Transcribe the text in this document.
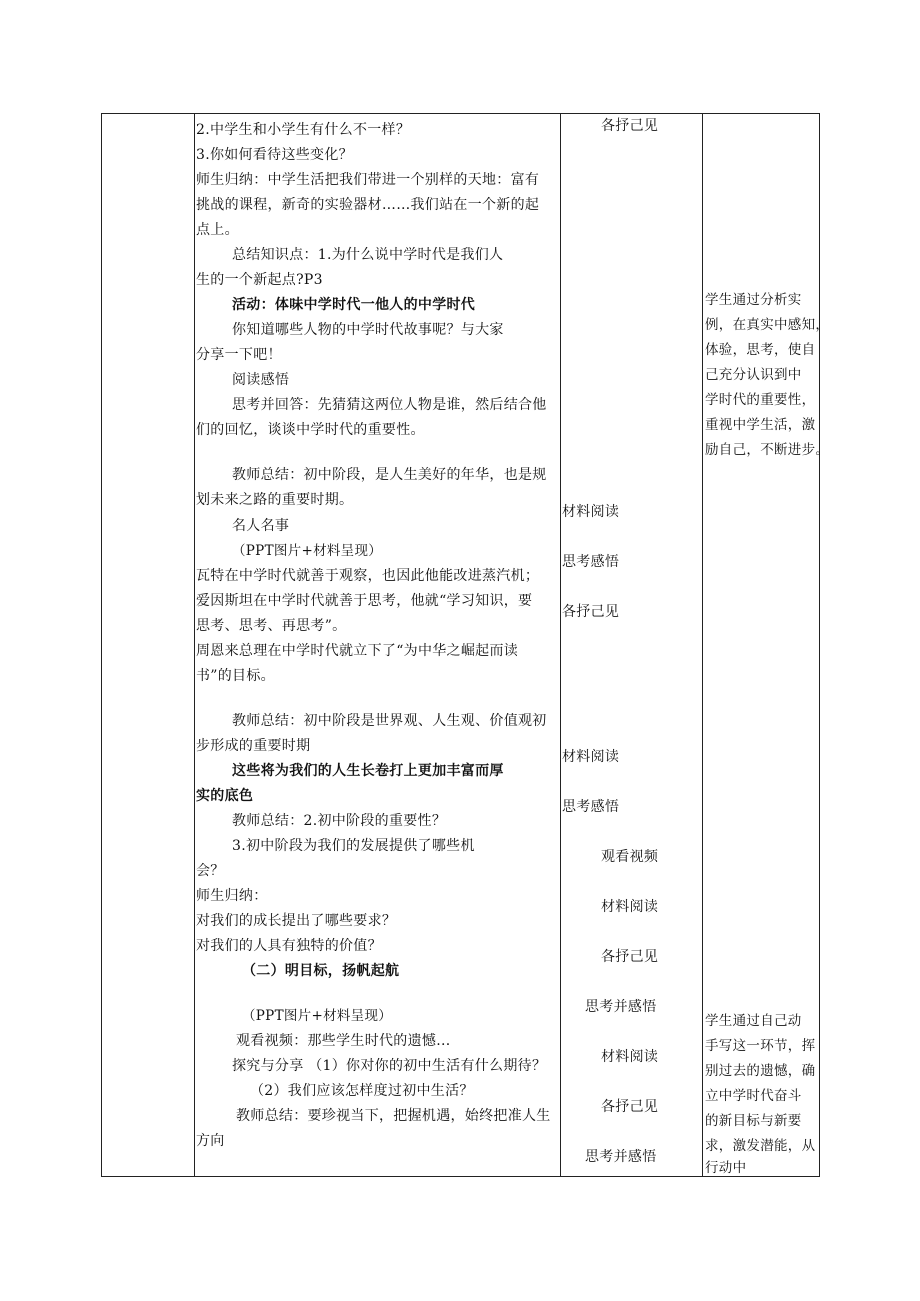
2.中学生和小学生有什么不一样？
3.你如何看待这些变化？
师生归纳：中学生活把我们带进一个别样的天地：富有
挑战的课程，新奇的实验器材……我们站在一个新的起
点上。
总结知识点：1.为什么说中学时代是我们人
生的一个新起点?P3
活动：体味中学时代一他人的中学时代
你知道哪些人物的中学时代故事呢？与大家
分享一下吧！
阅读感悟
思考并回答：先猜猜这两位人物是谁，然后结合他
们的回忆，谈谈中学时代的重要性。
教师总结：初中阶段，是人生美好的年华，也是规
划未来之路的重要时期。
名人名事
（PPT图片+材料呈现）
瓦特在中学时代就善于观察，也因此他能改进蒸汽机；
爱因斯坦在中学时代就善于思考，他就“学习知识，要
思考、思考、再思考”。
周恩来总理在中学时代就立下了“为中华之崛起而读
书”的目标。
教师总结：初中阶段是世界观、人生观、价值观初
步形成的重要时期
这些将为我们的人生长卷打上更加丰富而厚
实的底色
教师总结：2.初中阶段的重要性？
3.初中阶段为我们的发展提供了哪些机
会？
师生归纳：
对我们的成长提出了哪些要求？
对我们的人具有独特的价值？
（二）明目标，扬帆起航
（PPT图片+材料呈现）
观看视频：那些学生时代的遗憾...
探究与分享 （1）你对你的初中生活有什么期待？
（2）我们应该怎样度过初中生活？
教师总结：要珍视当下，把握机遇，始终把准人生
方向
各抒己见
材料阅读
思考感悟
各抒己见
材料阅读
思考感悟
观看视频
材料阅读
各抒己见
思考并感悟
材料阅读
各抒己见
思考并感悟
学生通过分析实
例，在真实中感知，
体验，思考，使自
己充分认识到中
学时代的重要性，
重视中学生活，激
励自己，不断进步。
学生通过自己动
手写这一环节，挥
别过去的遗憾，确
立中学时代奋斗
的新目标与新要
求，激发潜能，从
行动中
